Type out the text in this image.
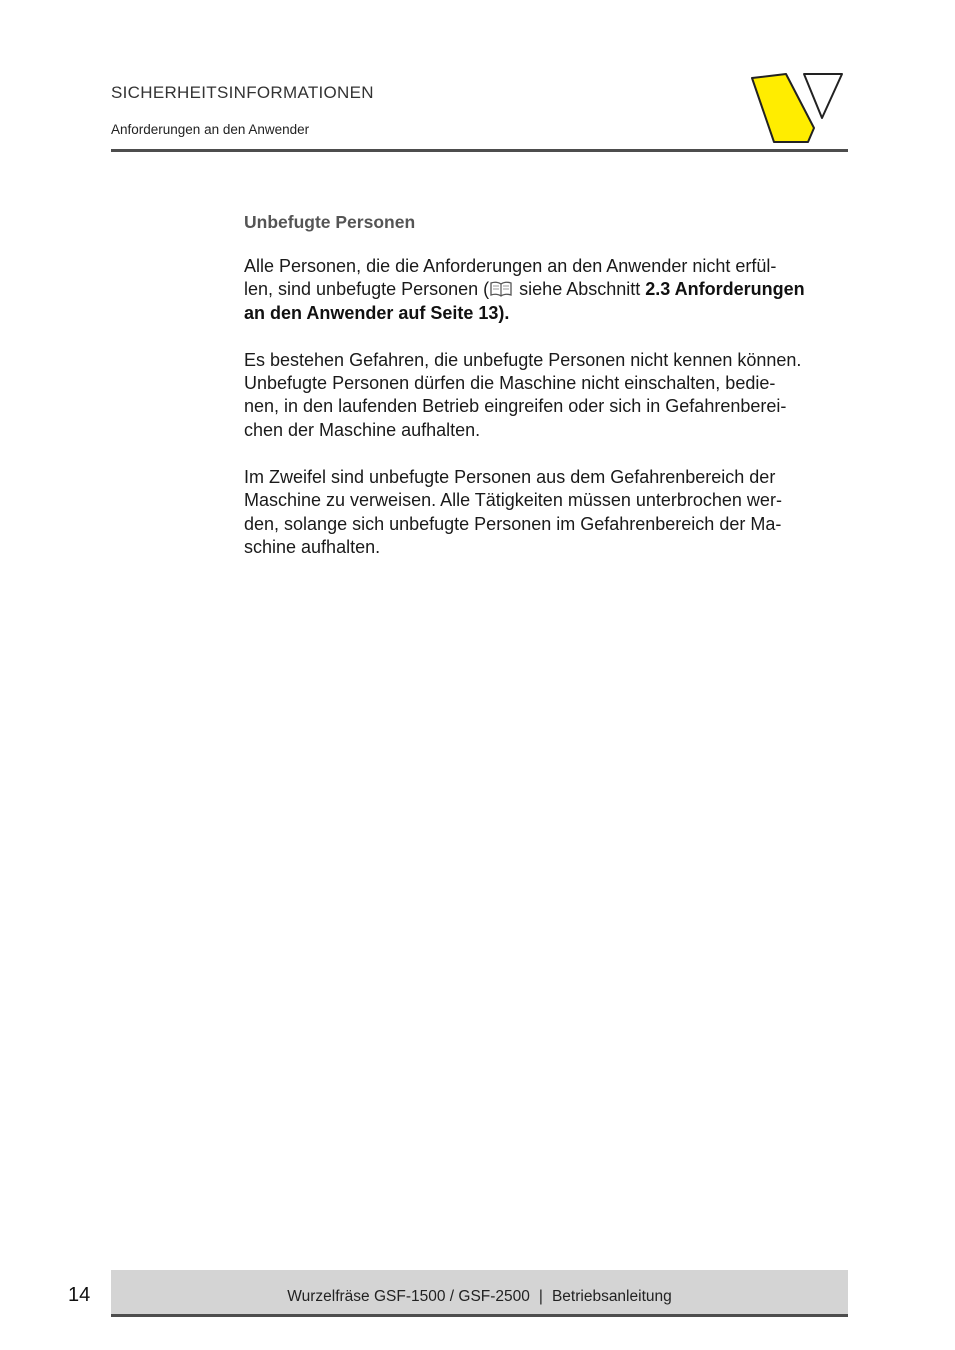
SICHERHEITSINFORMATIONEN
Anforderungen an den Anwender
Unbefugte Personen
Alle Personen, die die Anforderungen an den Anwender nicht erfül-
len, sind unbefugte Personen ( siehe Abschnitt 2.3 Anforderungen
an den Anwender auf Seite 13).
Es bestehen Gefahren, die unbefugte Personen nicht kennen können.
Unbefugte Personen dürfen die Maschine nicht einschalten, bedie-
nen, in den laufenden Betrieb eingreifen oder sich in Gefahrenberei-
chen der Maschine aufhalten.
Im Zweifel sind unbefugte Personen aus dem Gefahrenbereich der
Maschine zu verweisen. Alle Tätigkeiten müssen unterbrochen wer-
den, solange sich unbefugte Personen im Gefahrenbereich der Ma-
schine aufhalten.
14	Wurzelfräse GSF-1500 / GSF-2500 | Betriebsanleitung
